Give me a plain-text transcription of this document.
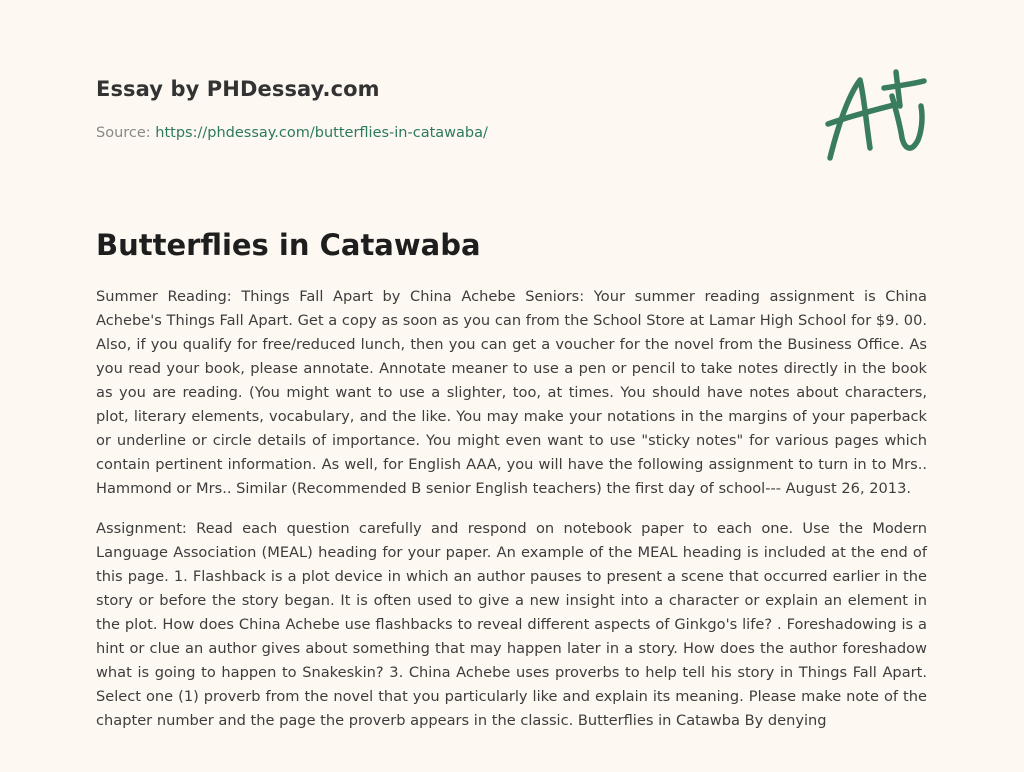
Essay by PHDessay.com
Source: https://phdessay.com/butterflies-in-catawaba/
Butterflies in Catawaba

Summer Reading: Things Fall Apart by China Achebe Seniors: Your summer reading assignment is China Achebe's Things Fall Apart. Get a copy as soon as you can from the School Store at Lamar High School for $9. 00. Also, if you qualify for free/reduced lunch, then you can get a voucher for the novel from the Business Office. As you read your book, please annotate. Annotate meaner to use a pen or pencil to take notes directly in the book as you are reading. (You might want to use a slighter, too, at times. You should have notes about characters, plot, literary elements, vocabulary, and the like. You may make your notations in the margins of your paperback or underline or circle details of importance. You might even want to use "sticky notes" for various pages which contain pertinent information. As well, for English AAA, you will have the following assignment to turn in to Mrs.. Hammond or Mrs.. Similar (Recommended B senior English teachers) the first day of school--- August 26, 2013.

Assignment: Read each question carefully and respond on notebook paper to each one. Use the Modern Language Association (MEAL) heading for your paper. An example of the MEAL heading is included at the end of this page. 1. Flashback is a plot device in which an author pauses to present a scene that occurred earlier in the story or before the story began. It is often used to give a new insight into a character or explain an element in the plot. How does China Achebe use flashbacks to reveal different aspects of Ginkgo's life? . Foreshadowing is a hint or clue an author gives about something that may happen later in a story. How does the author foreshadow what is going to happen to Snakeskin? 3. China Achebe uses proverbs to help tell his story in Things Fall Apart. Select one (1) proverb from the novel that you particularly like and explain its meaning. Please make note of the chapter number and the page the proverb appears in the classic. Butterflies in Catawba By denying
